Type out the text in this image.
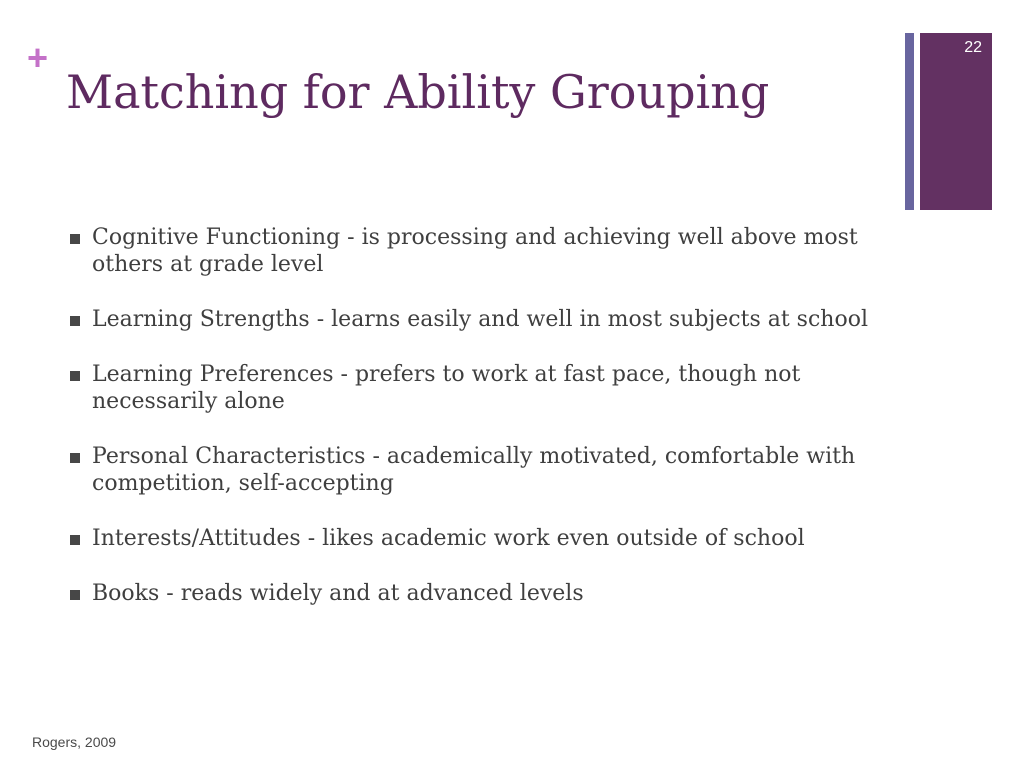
+
Matching for Ability Grouping
22
Cognitive Functioning - is processing and achieving well above most others at grade level
Learning Strengths - learns easily and well in most subjects at school
Learning Preferences - prefers to work at fast pace, though not necessarily alone
Personal Characteristics - academically motivated, comfortable with competition, self-accepting
Interests/Attitudes - likes academic work even outside of school
Books - reads widely and at advanced levels
Rogers, 2009
